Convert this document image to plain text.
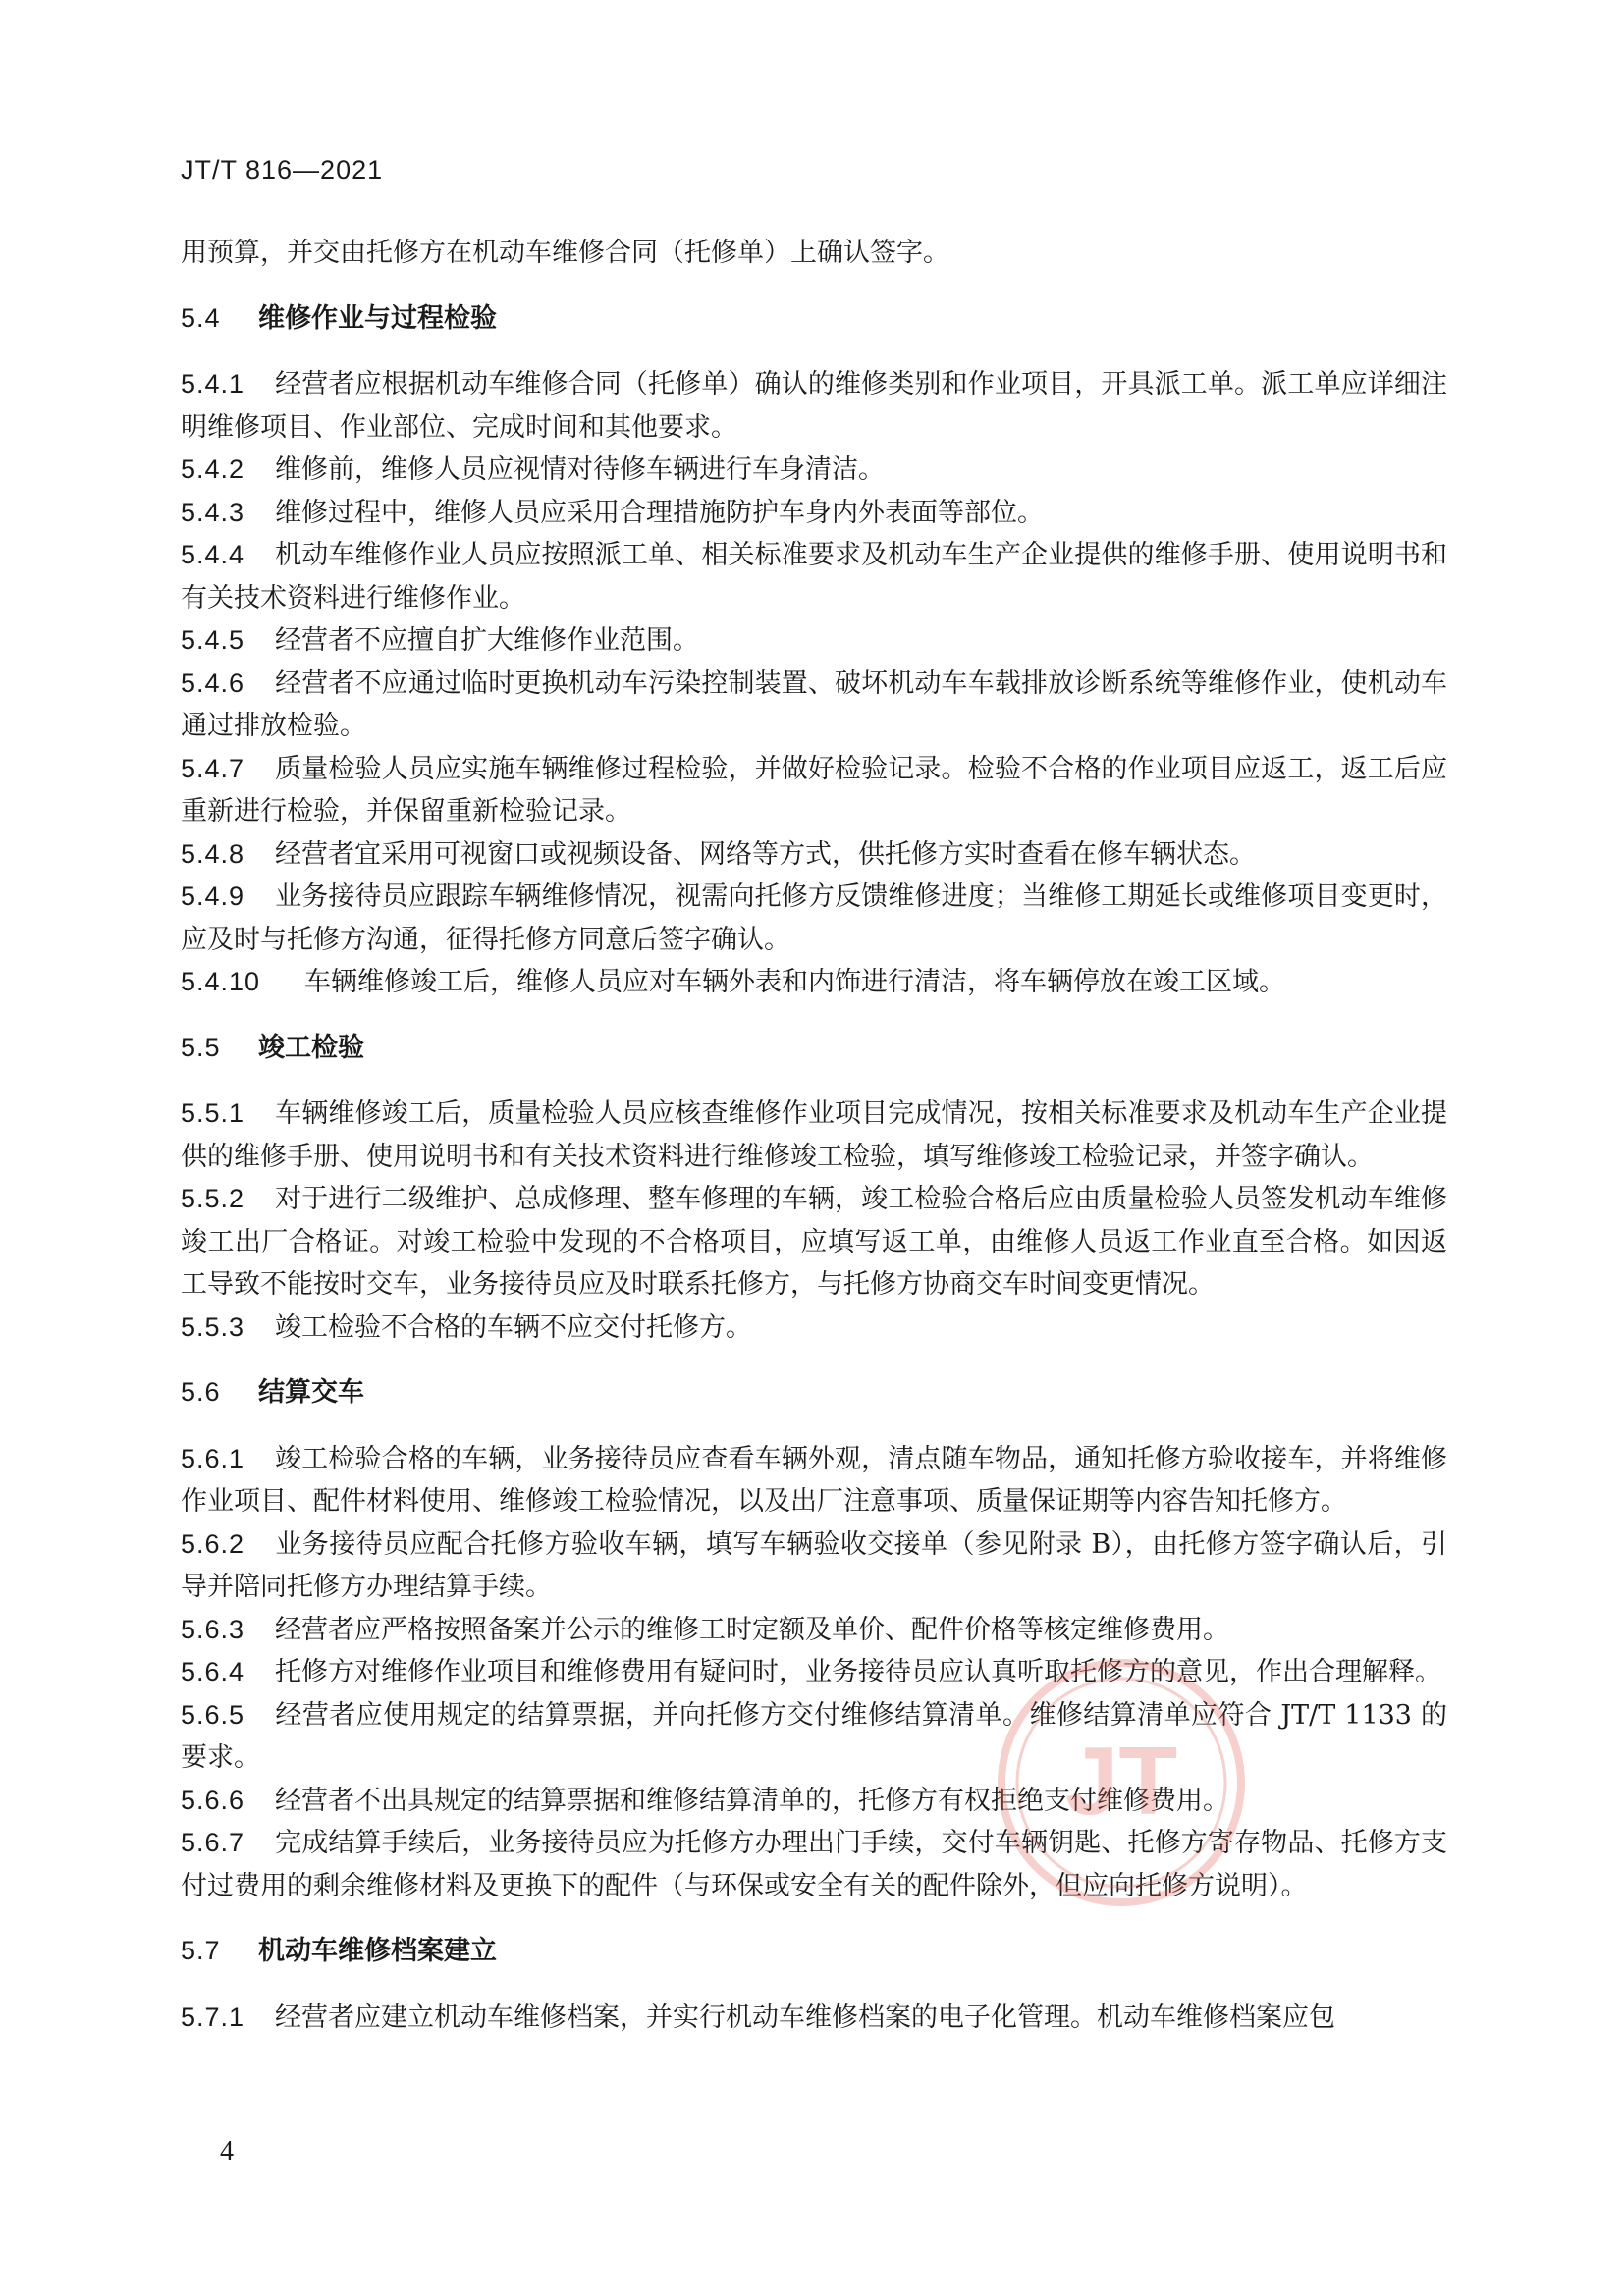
JT/T 816—2021

用预算，并交由托修方在机动车维修合同（托修单）上确认签字。

5.4 维修作业与过程检验

5.4.1 经营者应根据机动车维修合同（托修单）确认的维修类别和作业项目，开具派工单。派工单应详细注明维修项目、作业部位、完成时间和其他要求。

5.4.2 维修前，维修人员应视情对待修车辆进行车身清洁。

5.4.3 维修过程中，维修人员应采用合理措施防护车身内外表面等部位。

5.4.4 机动车维修作业人员应按照派工单、相关标准要求及机动车生产企业提供的维修手册、使用说明书和有关技术资料进行维修作业。

5.4.5 经营者不应擅自扩大维修作业范围。

5.4.6 经营者不应通过临时更换机动车污染控制装置、破坏机动车车载排放诊断系统等维修作业，使机动车通过排放检验。

5.4.7 质量检验人员应实施车辆维修过程检验，并做好检验记录。检验不合格的作业项目应返工，返工后应重新进行检验，并保留重新检验记录。

5.4.8 经营者宜采用可视窗口或视频设备、网络等方式，供托修方实时查看在修车辆状态。

5.4.9 业务接待员应跟踪车辆维修情况，视需向托修方反馈维修进度；当维修工期延长或维修项目变更时，应及时与托修方沟通，征得托修方同意后签字确认。

5.4.10 车辆维修竣工后，维修人员应对车辆外表和内饰进行清洁，将车辆停放在竣工区域。

5.5 竣工检验

5.5.1 车辆维修竣工后，质量检验人员应核查维修作业项目完成情况，按相关标准要求及机动车生产企业提供的维修手册、使用说明书和有关技术资料进行维修竣工检验，填写维修竣工检验记录，并签字确认。

5.5.2 对于进行二级维护、总成修理、整车修理的车辆，竣工检验合格后应由质量检验人员签发机动车维修竣工出厂合格证。对竣工检验中发现的不合格项目，应填写返工单，由维修人员返工作业直至合格。如因返工导致不能按时交车，业务接待员应及时联系托修方，与托修方协商交车时间变更情况。

5.5.3 竣工检验不合格的车辆不应交付托修方。

5.6 结算交车

5.6.1 竣工检验合格的车辆，业务接待员应查看车辆外观，清点随车物品，通知托修方验收接车，并将维修作业项目、配件材料使用、维修竣工检验情况，以及出厂注意事项、质量保证期等内容告知托修方。

5.6.2 业务接待员应配合托修方验收车辆，填写车辆验收交接单（参见附录 B），由托修方签字确认后，引导并陪同托修方办理结算手续。

5.6.3 经营者应严格按照备案并公示的维修工时定额及单价、配件价格等核定维修费用。

5.6.4 托修方对维修作业项目和维修费用有疑问时，业务接待员应认真听取托修方的意见，作出合理解释。

5.6.5 经营者应使用规定的结算票据，并向托修方交付维修结算清单。维修结算清单应符合 JT/T 1133 的要求。

5.6.6 经营者不出具规定的结算票据和维修结算清单的，托修方有权拒绝支付维修费用。

5.6.7 完成结算手续后，业务接待员应为托修方办理出门手续，交付车辆钥匙、托修方寄存物品、托修方支付过费用的剩余维修材料及更换下的配件（与环保或安全有关的配件除外，但应向托修方说明）。

5.7 机动车维修档案建立

5.7.1 经营者应建立机动车维修档案，并实行机动车维修档案的电子化管理。机动车维修档案应包

4
JT
